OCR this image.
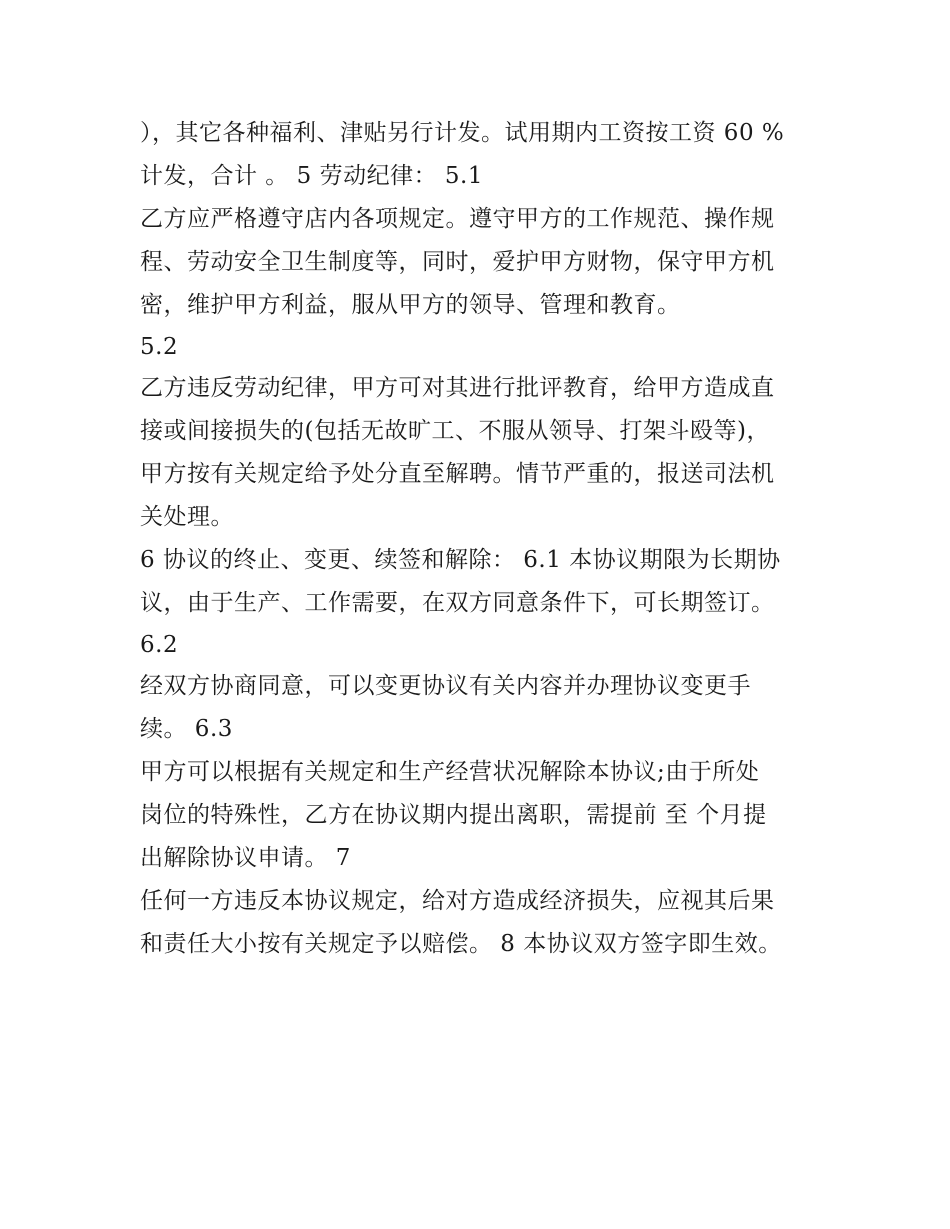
），其它各种福利、津贴另行计发。试用期内工资按工资 60 %
计发，合计 。 5 劳动纪律： 5.1
乙方应严格遵守店内各项规定。遵守甲方的工作规范、操作规
程、劳动安全卫生制度等，同时，爱护甲方财物，保守甲方机
密，维护甲方利益，服从甲方的领导、管理和教育。
5.2
乙方违反劳动纪律，甲方可对其进行批评教育，给甲方造成直
接或间接损失的(包括无故旷工、不服从领导、打架斗殴等)，
甲方按有关规定给予处分直至解聘。情节严重的，报送司法机
关处理。
6 协议的终止、变更、续签和解除： 6.1 本协议期限为长期协
议，由于生产、工作需要，在双方同意条件下，可长期签订。
6.2
经双方协商同意，可以变更协议有关内容并办理协议变更手
续。 6.3
甲方可以根据有关规定和生产经营状况解除本协议;由于所处
岗位的特殊性，乙方在协议期内提出离职，需提前 至 个月提
出解除协议申请。 7
任何一方违反本协议规定，给对方造成经济损失，应视其后果
和责任大小按有关规定予以赔偿。 8 本协议双方签字即生效。
